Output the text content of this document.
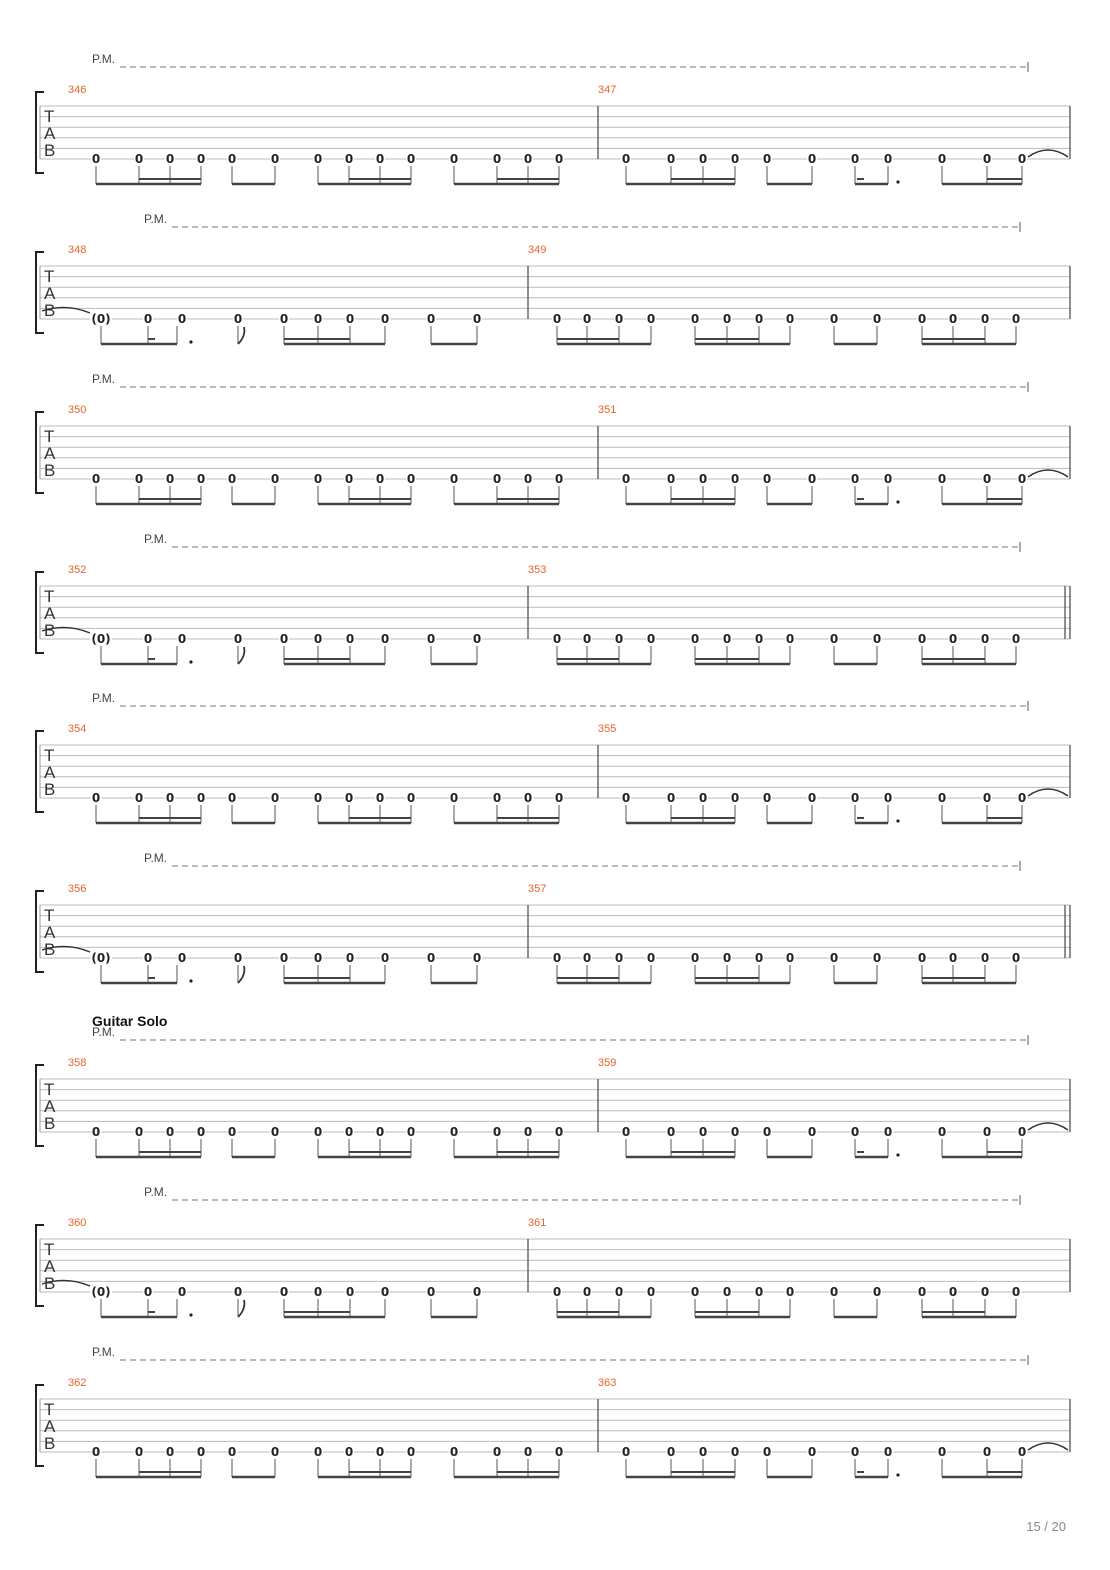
P.M.
T
A
B
346	347
0	0 0 0 0	0	0 0 0 0	0	0 0 0	0	0 0 0 0	0	0 0	0	0 0
P.M.
T
A
B
348	349
0 0	0	0 0 0 0	0	0	0 0 0 0	0 0 0 0	0	0	0 0 0 0
(0)
P.M.
T
A
B
350	351
0	0 0 0 0	0	0 0 0 0	0	0 0 0	0	0 0 0 0	0	0 0	0	0 0
P.M.
T
A
B
352	353
0 0	0	0 0 0 0	0	0	0 0 0 0	0 0 0 0	0	0	0 0 0 0
(0)
P.M.
T
A
B
354	355
0	0 0 0 0	0	0 0 0 0	0	0 0 0	0	0 0 0 0	0	0 0	0	0 0
P.M.
T
A
B
356	357
0 0	0	0 0 0 0	0	0	0 0 0 0	0 0 0 0	0	0	0 0 0 0
(0)
Guitar Solo
P.M.
T
A
B
358	359
0	0 0 0 0	0	0 0 0 0	0	0 0 0	0	0 0 0 0	0	0 0	0	0 0
P.M.
T
A
B
360	361
0 0	0	0 0 0 0	0	0	0 0 0 0	0 0 0 0	0	0	0 0 0 0
(0)
P.M.
T
A
B
362	363
0	0 0 0 0	0	0 0 0 0	0	0 0 0	0	0 0 0 0	0	0 0	0	0 0
15 / 20
